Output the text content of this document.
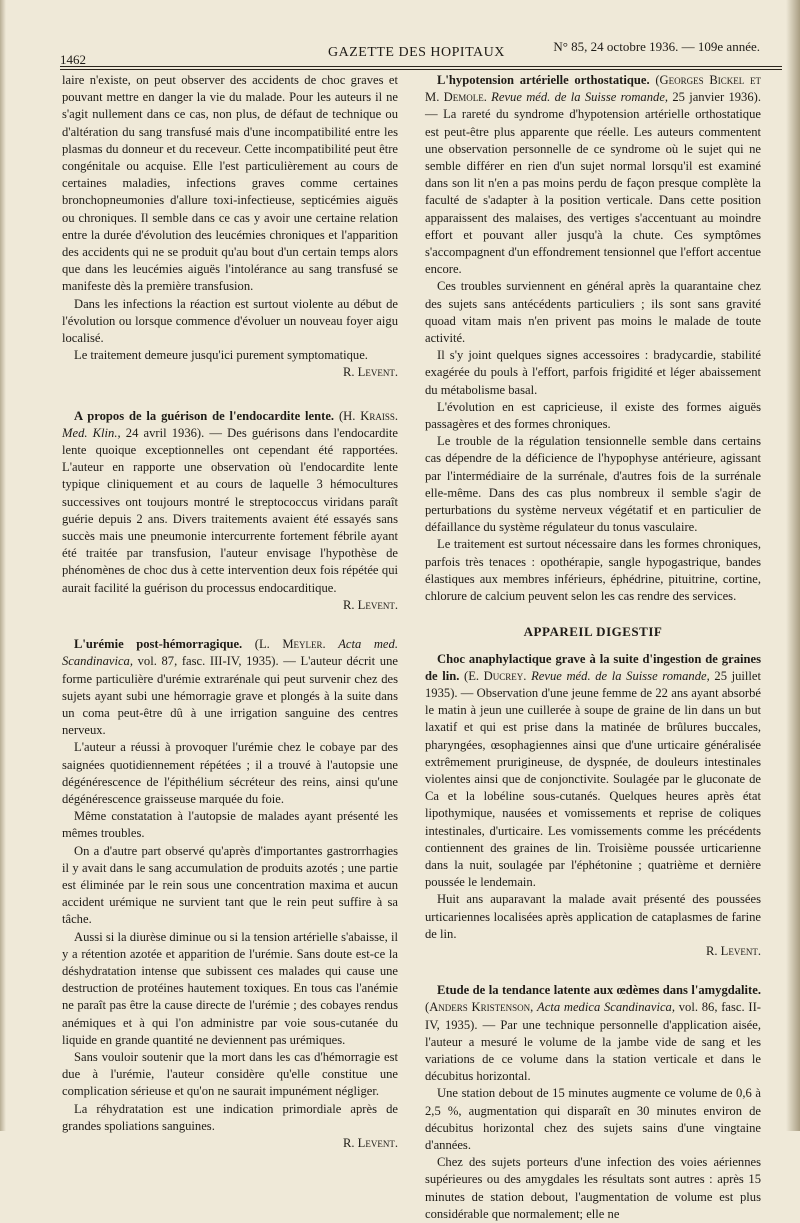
1462	GAZETTE DES HOPITAUX	N° 85, 24 octobre 1936. — 109e année.

laire n'existe, on peut observer des accidents de choc graves et pouvant mettre en danger la vie du malade. Pour les auteurs il ne s'agit nullement dans ce cas, non plus, de défaut de technique ou d'altération du sang transfusé mais d'une incompatibilité entre les plasmas du donneur et du receveur. Cette incompatibilité peut être congénitale ou acquise. Elle l'est particulièrement au cours de certaines maladies, infections graves comme certaines bronchopneumonies d'allure toxi-infectieuse, septicémies aiguës ou chroniques. Il semble dans ce cas y avoir une certaine relation entre la durée d'évolution des leucémies chroniques et l'apparition des accidents qui ne se produit qu'au bout d'un certain temps alors que dans les leucémies aiguës l'intolérance au sang transfusé se manifeste dès la première transfusion.

Dans les infections la réaction est surtout violente au début de l'évolution ou lorsque commence d'évoluer un nouveau foyer aigu localisé.

Le traitement demeure jusqu'ici purement symptomatique.

R. Levent.

A propos de la guérison de l'endocardite lente. (H. Kraiss. Med. Klin., 24 avril 1936). — Des guérisons dans l'endocardite lente quoique exceptionnelles ont cependant été rapportées. L'auteur en rapporte une observation où l'endocardite lente typique cliniquement et au cours de laquelle 3 hémocultures successives ont toujours montré le streptococcus viridans paraît guérie depuis 2 ans. Divers traitements avaient été essayés sans succès mais une pneumonie intercurrente fortement fébrile ayant été traitée par transfusion, l'auteur envisage l'hypothèse de phénomènes de choc dus à cette intervention deux fois répétée qui aurait facilité la guérison du processus endocarditique.

R. Levent.

L'urémie post-hémorragique. (L. Meyler. Acta med. Scandinavica, vol. 87, fasc. III-IV, 1935). — L'auteur décrit une forme particulière d'urémie extrarénale qui peut survenir chez des sujets ayant subi une hémorragie grave et plongés à la suite dans un coma peut-être dû à une irrigation sanguine des centres nerveux.

L'auteur a réussi à provoquer l'urémie chez le cobaye par des saignées quotidiennement répétées ; il a trouvé à l'autopsie une dégénérescence de l'épithélium sécréteur des reins, ainsi qu'une dégénérescence graisseuse marquée du foie.

Même constatation à l'autopsie de malades ayant présenté les mêmes troubles.

On a d'autre part observé qu'après d'importantes gastrorrhagies il y avait dans le sang accumulation de produits azotés ; une partie est éliminée par le rein sous une concentration maxima et aucun accident urémique ne survient tant que le rein peut suffire à sa tâche.

Aussi si la diurèse diminue ou si la tension artérielle s'abaisse, il y a rétention azotée et apparition de l'urémie. Sans doute est-ce la déshydratation intense que subissent ces malades qui cause une destruction de protéines hautement toxiques. En tous cas l'anémie ne paraît pas être la cause directe de l'urémie ; des cobayes rendus anémiques et à qui l'on administre par voie sous-cutanée du liquide en grande quantité ne deviennent pas urémiques.

Sans vouloir soutenir que la mort dans les cas d'hémorragie est due à l'urémie, l'auteur considère qu'elle constitue une complication sérieuse et qu'on ne saurait impunément négliger.

La réhydratation est une indication primordiale après de grandes spoliations sanguines.

R. Levent.

L'hypotension artérielle orthostatique. (Georges Bickel et M. Demole. Revue méd. de la Suisse romande, 25 janvier 1936). — La rareté du syndrome d'hypotension artérielle orthostatique est peut-être plus apparente que réelle. Les auteurs commentent une observation personnelle de ce syndrome où le sujet qui ne semble différer en rien d'un sujet normal lorsqu'il est examiné dans son lit n'en a pas moins perdu de façon presque complète la faculté de s'adapter à la position verticale. Dans cette position apparaissent des malaises, des vertiges s'accentuant au moindre effort et pouvant aller jusqu'à la chute. Ces symptômes s'accompagnent d'un effondrement tensionnel que l'effort accentue encore.

Ces troubles surviennent en général après la quarantaine chez des sujets sans antécédents particuliers ; ils sont sans gravité quoad vitam mais n'en privent pas moins le malade de toute activité.

Il s'y joint quelques signes accessoires : bradycardie, stabilité exagérée du pouls à l'effort, parfois frigidité et léger abaissement du métabolisme basal.

L'évolution en est capricieuse, il existe des formes aiguës passagères et des formes chroniques.

Le trouble de la régulation tensionnelle semble dans certains cas dépendre de la déficience de l'hypophyse antérieure, agissant par l'intermédiaire de la surrénale, d'autres fois de la surrénale elle-même. Dans des cas plus nombreux il semble s'agir de perturbations du système nerveux végétatif et en particulier de défaillance du système régulateur du tonus vasculaire.

Le traitement est surtout nécessaire dans les formes chroniques, parfois très tenaces : opothérapie, sangle hypogastrique, bandes élastiques aux membres inférieurs, éphédrine, pituitrine, cortine, chlorure de calcium peuvent selon les cas rendre des services.

APPAREIL DIGESTIF

Choc anaphylactique grave à la suite d'ingestion de graines de lin. (E. Ducrey. Revue méd. de la Suisse romande, 25 juillet 1935). — Observation d'une jeune femme de 22 ans ayant absorbé le matin à jeun une cuillerée à soupe de graine de lin dans un but laxatif et qui est prise dans la matinée de brûlures buccales, pharyngées, œsophagiennes ainsi que d'une urticaire généralisée extrêmement prurigineuse, de dyspnée, de douleurs intestinales violentes ainsi que de conjonctivite. Soulagée par le gluconate de Ca et la lobéline sous-cutanés. Quelques heures après état lipothymique, nausées et vomissements et reprise de coliques intestinales, d'urticaire. Les vomissements comme les précédents contiennent des graines de lin. Troisième poussée urticarienne dans la nuit, soulagée par l'éphétonine ; quatrième et dernière poussée le lendemain.

Huit ans auparavant la malade avait présenté des poussées urticariennes localisées après application de cataplasmes de farine de lin.

R. Levent.

Etude de la tendance latente aux œdèmes dans l'amygdalite. (Anders Kristenson, Acta medica Scandinavica, vol. 86, fasc. II-IV, 1935). — Par une technique personnelle d'application aisée, l'auteur a mesuré le volume de la jambe vide de sang et les variations de ce volume dans la station verticale et dans le décubitus horizontal.

Une station debout de 15 minutes augmente ce volume de 0,6 à 2,5 %, augmentation qui disparaît en 30 minutes environ de décubitus horizontal chez des sujets sains d'une vingtaine d'années.

Chez des sujets porteurs d'une infection des voies aériennes supérieures ou des amygdales les résultats sont autres : après 15 minutes de station debout, l'augmentation de volume est plus considérable que normalement; elle ne
